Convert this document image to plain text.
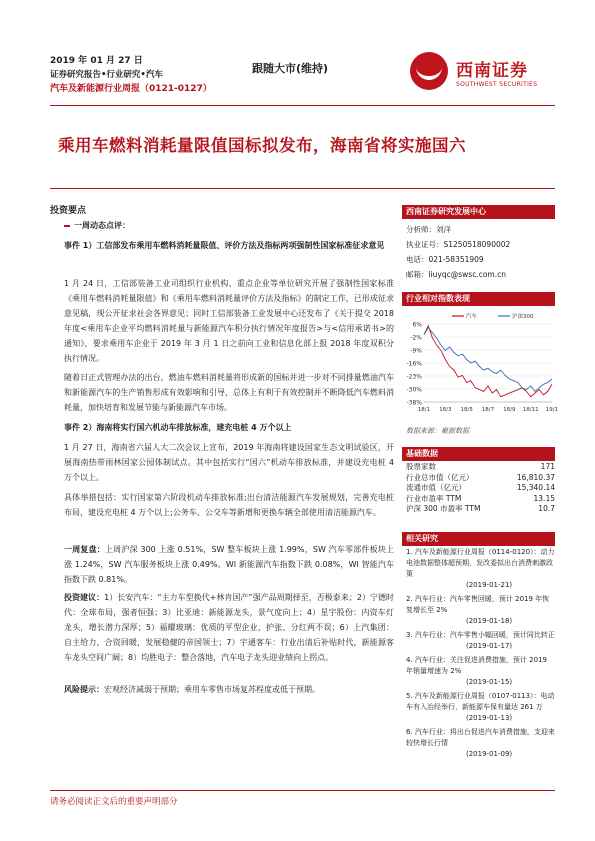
2019 年 01 月 27 日
证券研究报告•行业研究•汽车
汽车及新能源行业周报（0121-0127）
跟随大市(维持)	西南证券
SOUTHWEST SECURITIES
乘用车燃料消耗量限值国标拟发布，海南省将实施国六
投资要点
一周动态点评：
事件 1）工信部发布乘用车燃料消耗量限值、评价方法及指标两项强制性国家标准征求意见
1 月 24 日，工信部装备工业司组织行业机构、重点企业等单位研究开展了强制性国家标准《乘用车燃料消耗量限值》和《乘用车燃料消耗量评价方法及指标》的制定工作，已形成征求意见稿，现公开征求社会各界意见；同时工信部装备工业发展中心还发布了《关于提交 2018 年度<乘用车企业平均燃料消耗量与新能源汽车积分执行情况年度报告>与<信用承诺书>的通知》，要求乘用车企业于 2019 年 3 月 1 日之前向工业和信息化部上报 2018 年度双积分执行情况。
随着日正式管理办法的出台，燃油车燃料消耗量将形成新的国标并进一步对不同排量燃油汽车和新能源汽车的生产销售形成有效影响和引导，总体上有利于有效控制并不断降低汽车燃料消耗量，加快培育和发展节能与新能源汽车市场。
事件 2）海南将实行国六机动车排放标准，建充电桩 4 万个以上
1 月 27 日，海南省六届人大二次会议上宣布，2019 年海南将建设国家生态文明试验区，开展海南热带雨林国家公园体制试点。其中包括实行“国六”机动车排放标准，并建设充电桩 4 万个以上。
具体举措包括：实行国家第六阶段机动车排放标准;出台清洁能源汽车发展规划，完善充电桩布局，建设充电桩 4 万个以上;公务车、公交车等新增和更换车辆全部使用清洁能源汽车。
一周复盘：上周沪深 300 上涨 0.51%，SW 整车板块上涨 1.99%，SW 汽车零部件板块上涨 1.24%，SW 汽车服务板块上涨 0.49%。WI 新能源汽车指数下跌 0.08%，WI 智能汽车指数下跌 0.81%。
投资建议：1）长安汽车：“主力车型换代+林肯国产”强产品周期择至，否极泰来；2）宁德时代：全球布局，强者恒强；3）比亚迪：新能源龙头，景气度向上；4）星宇股份：内资车灯龙头，增长潜力深厚；5）福耀玻璃：优质的平型企业，护张、分红两不误；6）上汽集团：自主给力，合资回暖，发展稳健的帝国领士；7）宇通客车：行业出清后补贴时代，新能源客车龙头空间广阔；8）均胜电子：整合落地，汽车电子龙头迎业绩向上拐点。
风险提示：宏观经济减弱于预期；乘用车零售市场复苏程度或低于预期。
西南证券研究发展中心
分析师：刘洋
执业证号：S1250518090002
电话：021-58351909
邮箱：liuyqc@swsc.com.cn
行业相对指数表现
6%
-2%
-9%
-16%
-23%
-30%
-38%
18/1 18/3 18/5 18/7 18/9 18/11 19/1
汽车	沪深300
数据来源：聚源数据
基础数据
股票家数	171
行业总市值（亿元）	16,810.37
流通市值（亿元）	15,340.14
行业市盈率 TTM	13.15
沪深 300 市盈率 TTM	10.7
相关研究
1. 汽车及新能源行业周报（0114-0120）：动力电池数据整体超预期，发改委拟出台消费刺激政策
(2019-01-21)
2. 汽车行业：汽车零售回暖，预计 2019 年恢复增长至 2%
(2019-01-18)
3. 汽车行业：汽车零售小幅回暖，预计同比转正
(2019-01-17)
4. 汽车行业：关注促进消费措施，预计 2019 年销量增速为 2%
(2019-01-15)
5. 汽车及新能源行业周报（0107-0113）：电动车有入冶经举行，新能源车保有量达 261 万
(2019-01-13)
6. 汽车行业：将出台促进汽车消费措施，支迎来较快增长行情
(2019-01-09)
请务必阅读正文后的重要声明部分
